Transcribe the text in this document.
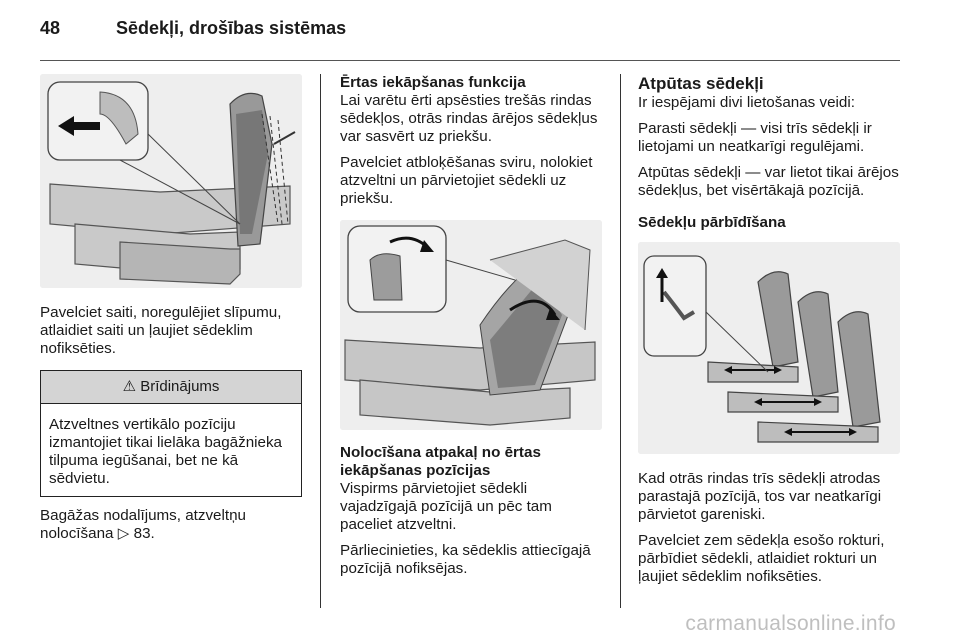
48	Sēdekļi, drošības sistēmas

Pavelciet saiti, noregulējiet slīpumu, atlaidiet saiti un ļaujiet sēdeklim nofiksēties.

⚠ Brīdinājums
Atzveltnes vertikālo pozīciju izmantojiet tikai lielāka bagāžnieka tilpuma iegūšanai, bet ne kā sēdvietu.

Bagāžas nodalījums, atzveltņu nolocīšana ▷ 83.

Ērtas iekāpšanas funkcija

Lai varētu ērti apsēsties trešās rindas sēdekļos, otrās rindas ārējos sēdekļus var sasvērt uz priekšu.

Pavelciet atbloķēšanas sviru, nolokiet atzveltni un pārvietojiet sēdekli uz priekšu.

Nolocīšana atpakaļ no ērtas iekāpšanas pozīcijas

Vispirms pārvietojiet sēdekli vajadzīgajā pozīcijā un pēc tam paceliet atzveltni.

Pārliecinieties, ka sēdeklis attiecīgajā pozīcijā nofiksējas.

Atpūtas sēdekļi

Ir iespējami divi lietošanas veidi:

Parasti sēdekļi — visi trīs sēdekļi ir lietojami un neatkarīgi regulējami.

Atpūtas sēdekļi — var lietot tikai ārējos sēdekļus, bet visērtākajā pozīcijā.

Sēdekļu pārbīdīšana

Kad otrās rindas trīs sēdekļi atrodas parastajā pozīcijā, tos var neatkarīgi pārvietot gareniski.

Pavelciet zem sēdekļa esošo rokturi, pārbīdiet sēdekli, atlaidiet rokturi un ļaujiet sēdeklim nofiksēties.

carmanualsonline.info
